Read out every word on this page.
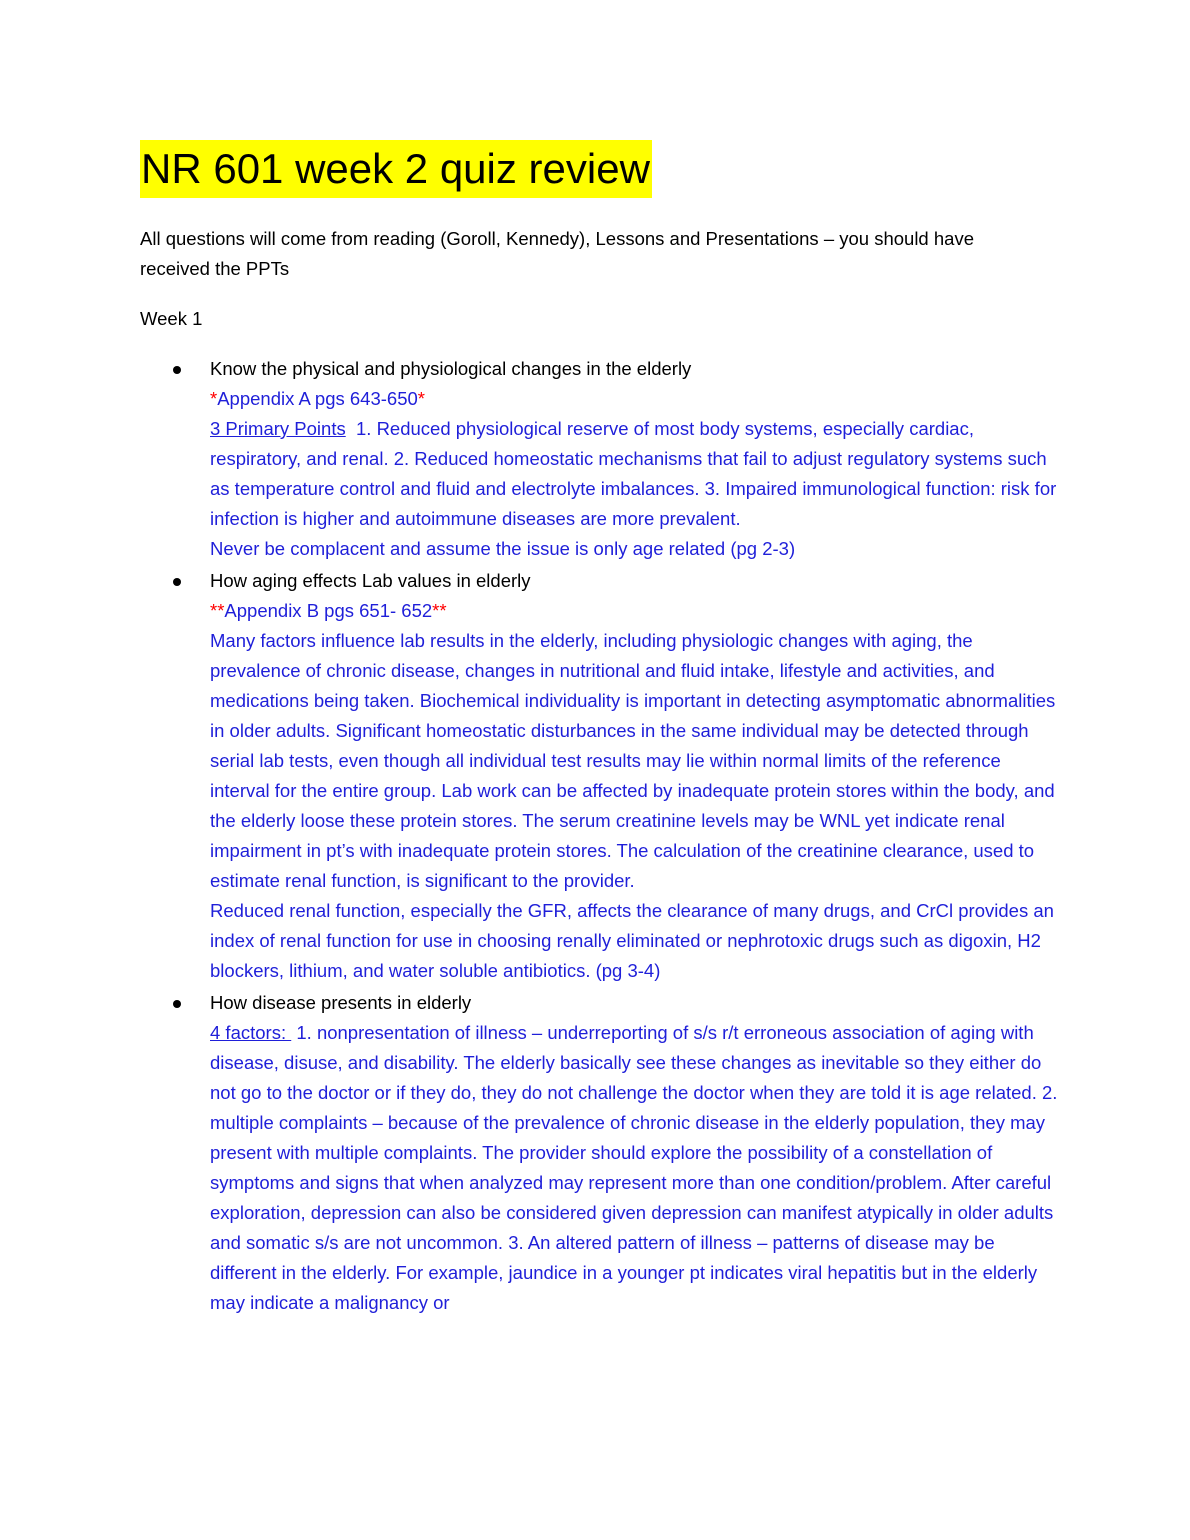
NR 601 week 2 quiz review
All questions will come from reading (Goroll, Kennedy), Lessons and Presentations – you should have received the PPTs
Week 1
Know the physical and physiological changes in the elderly
*Appendix A pgs 643-650*
3 Primary Points  1. Reduced physiological reserve of most body systems, especially cardiac, respiratory, and renal. 2. Reduced homeostatic mechanisms that fail to adjust regulatory systems such as temperature control and fluid and electrolyte imbalances. 3. Impaired immunological function: risk for infection is higher and autoimmune diseases are more prevalent.
Never be complacent and assume the issue is only age related (pg 2-3)
How aging effects Lab values in elderly
**Appendix B pgs 651- 652**
Many factors influence lab results in the elderly, including physiologic changes with aging, the prevalence of chronic disease, changes in nutritional and fluid intake, lifestyle and activities, and medications being taken. Biochemical individuality is important in detecting asymptomatic abnormalities in older adults. Significant homeostatic disturbances in the same individual may be detected through serial lab tests, even though all individual test results may lie within normal limits of the reference interval for the entire group. Lab work can be affected by inadequate protein stores within the body, and the elderly loose these protein stores. The serum creatinine levels may be WNL yet indicate renal impairment in pt’s with inadequate protein stores. The calculation of the creatinine clearance, used to estimate renal function, is significant to the provider.
Reduced renal function, especially the GFR, affects the clearance of many drugs, and CrCl provides an index of renal function for use in choosing renally eliminated or nephrotoxic drugs such as digoxin, H2 blockers, lithium, and water soluble antibiotics. (pg 3-4)
How disease presents in elderly
4 factors:  1. nonpresentation of illness – underreporting of s/s r/t erroneous association of aging with disease, disuse, and disability. The elderly basically see these changes as inevitable so they either do not go to the doctor or if they do, they do not challenge the doctor when they are told it is age related. 2. multiple complaints – because of the prevalence of chronic disease in the elderly population, they may present with multiple complaints. The provider should explore the possibility of a constellation of symptoms and signs that when analyzed may represent more than one condition/problem. After careful exploration, depression can also be considered given depression can manifest atypically in older adults and somatic s/s are not uncommon. 3. An altered pattern of illness – patterns of disease may be different in the elderly. For example, jaundice in a younger pt indicates viral hepatitis but in the elderly may indicate a malignancy or
